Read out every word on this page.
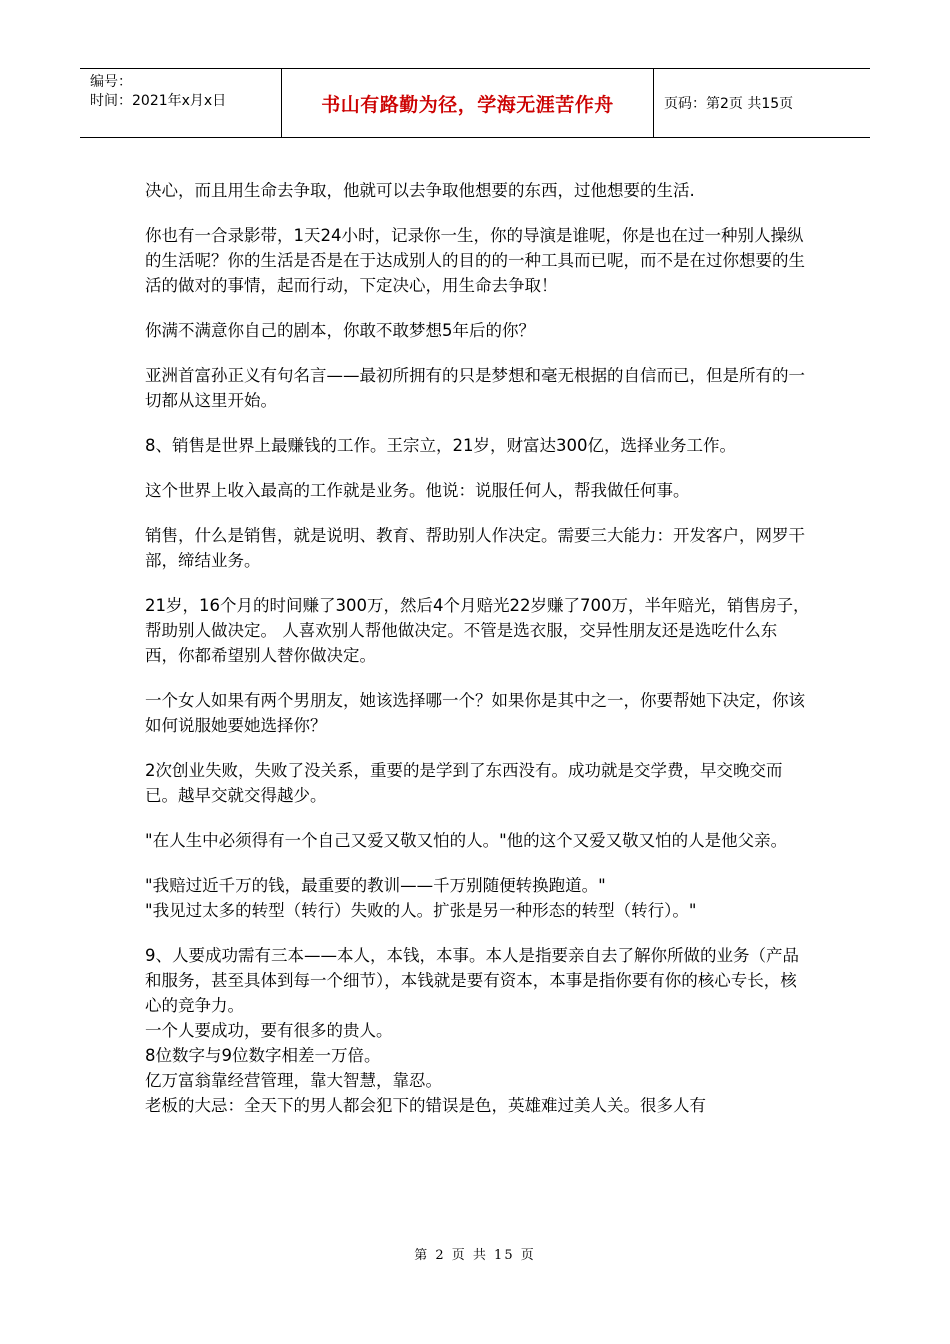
编号：
时间：2021年x月x日	书山有路勤为径，学海无涯苦作舟	页码：第2页 共15页

决心，而且用生命去争取，他就可以去争取他想要的东西，过他想要的生活.

你也有一合录影带，1天24小时，记录你一生，你的导演是谁呢，你是也在过一种别人操纵的生活呢？你的生活是否是在于达成别人的目的的一种工具而已呢，而不是在过你想要的生活的做对的事情，起而行动，下定决心，用生命去争取！

你满不满意你自己的剧本，你敢不敢梦想5年后的你？

亚洲首富孙正义有句名言——最初所拥有的只是梦想和毫无根据的自信而已，但是所有的一切都从这里开始。

8、销售是世界上最赚钱的工作。王宗立，21岁，财富达300亿，选择业务工作。

这个世界上收入最高的工作就是业务。他说：说服任何人，帮我做任何事。

销售，什么是销售，就是说明、教育、帮助别人作决定。需要三大能力：开发客户，网罗干部，缔结业务。

21岁，16个月的时间赚了300万，然后4个月赔光22岁赚了700万，半年赔光，销售房子，帮助别人做决定。 人喜欢别人帮他做决定。不管是选衣服，交异性朋友还是选吃什么东西，你都希望别人替你做决定。

一个女人如果有两个男朋友，她该选择哪一个？如果你是其中之一，你要帮她下决定，你该如何说服她要她选择你？

2次创业失败，失败了没关系，重要的是学到了东西没有。成功就是交学费，早交晚交而已。越早交就交得越少。

"在人生中必须得有一个自己又爱又敬又怕的人。"他的这个又爱又敬又怕的人是他父亲。

"我赔过近千万的钱，最重要的教训——千万别随便转换跑道。"

"我见过太多的转型（转行）失败的人。扩张是另一种形态的转型（转行）。"

9、人要成功需有三本——本人，本钱，本事。本人是指要亲自去了解你所做的业务（产品和服务，甚至具体到每一个细节），本钱就是要有资本，本事是指你要有你的核心专长，核心的竞争力。

一个人要成功，要有很多的贵人。

8位数字与9位数字相差一万倍。

亿万富翁靠经营管理，靠大智慧，靠忍。

老板的大忌：全天下的男人都会犯下的错误是色，英雄难过美人关。很多人有

第 2 页 共 15 页
